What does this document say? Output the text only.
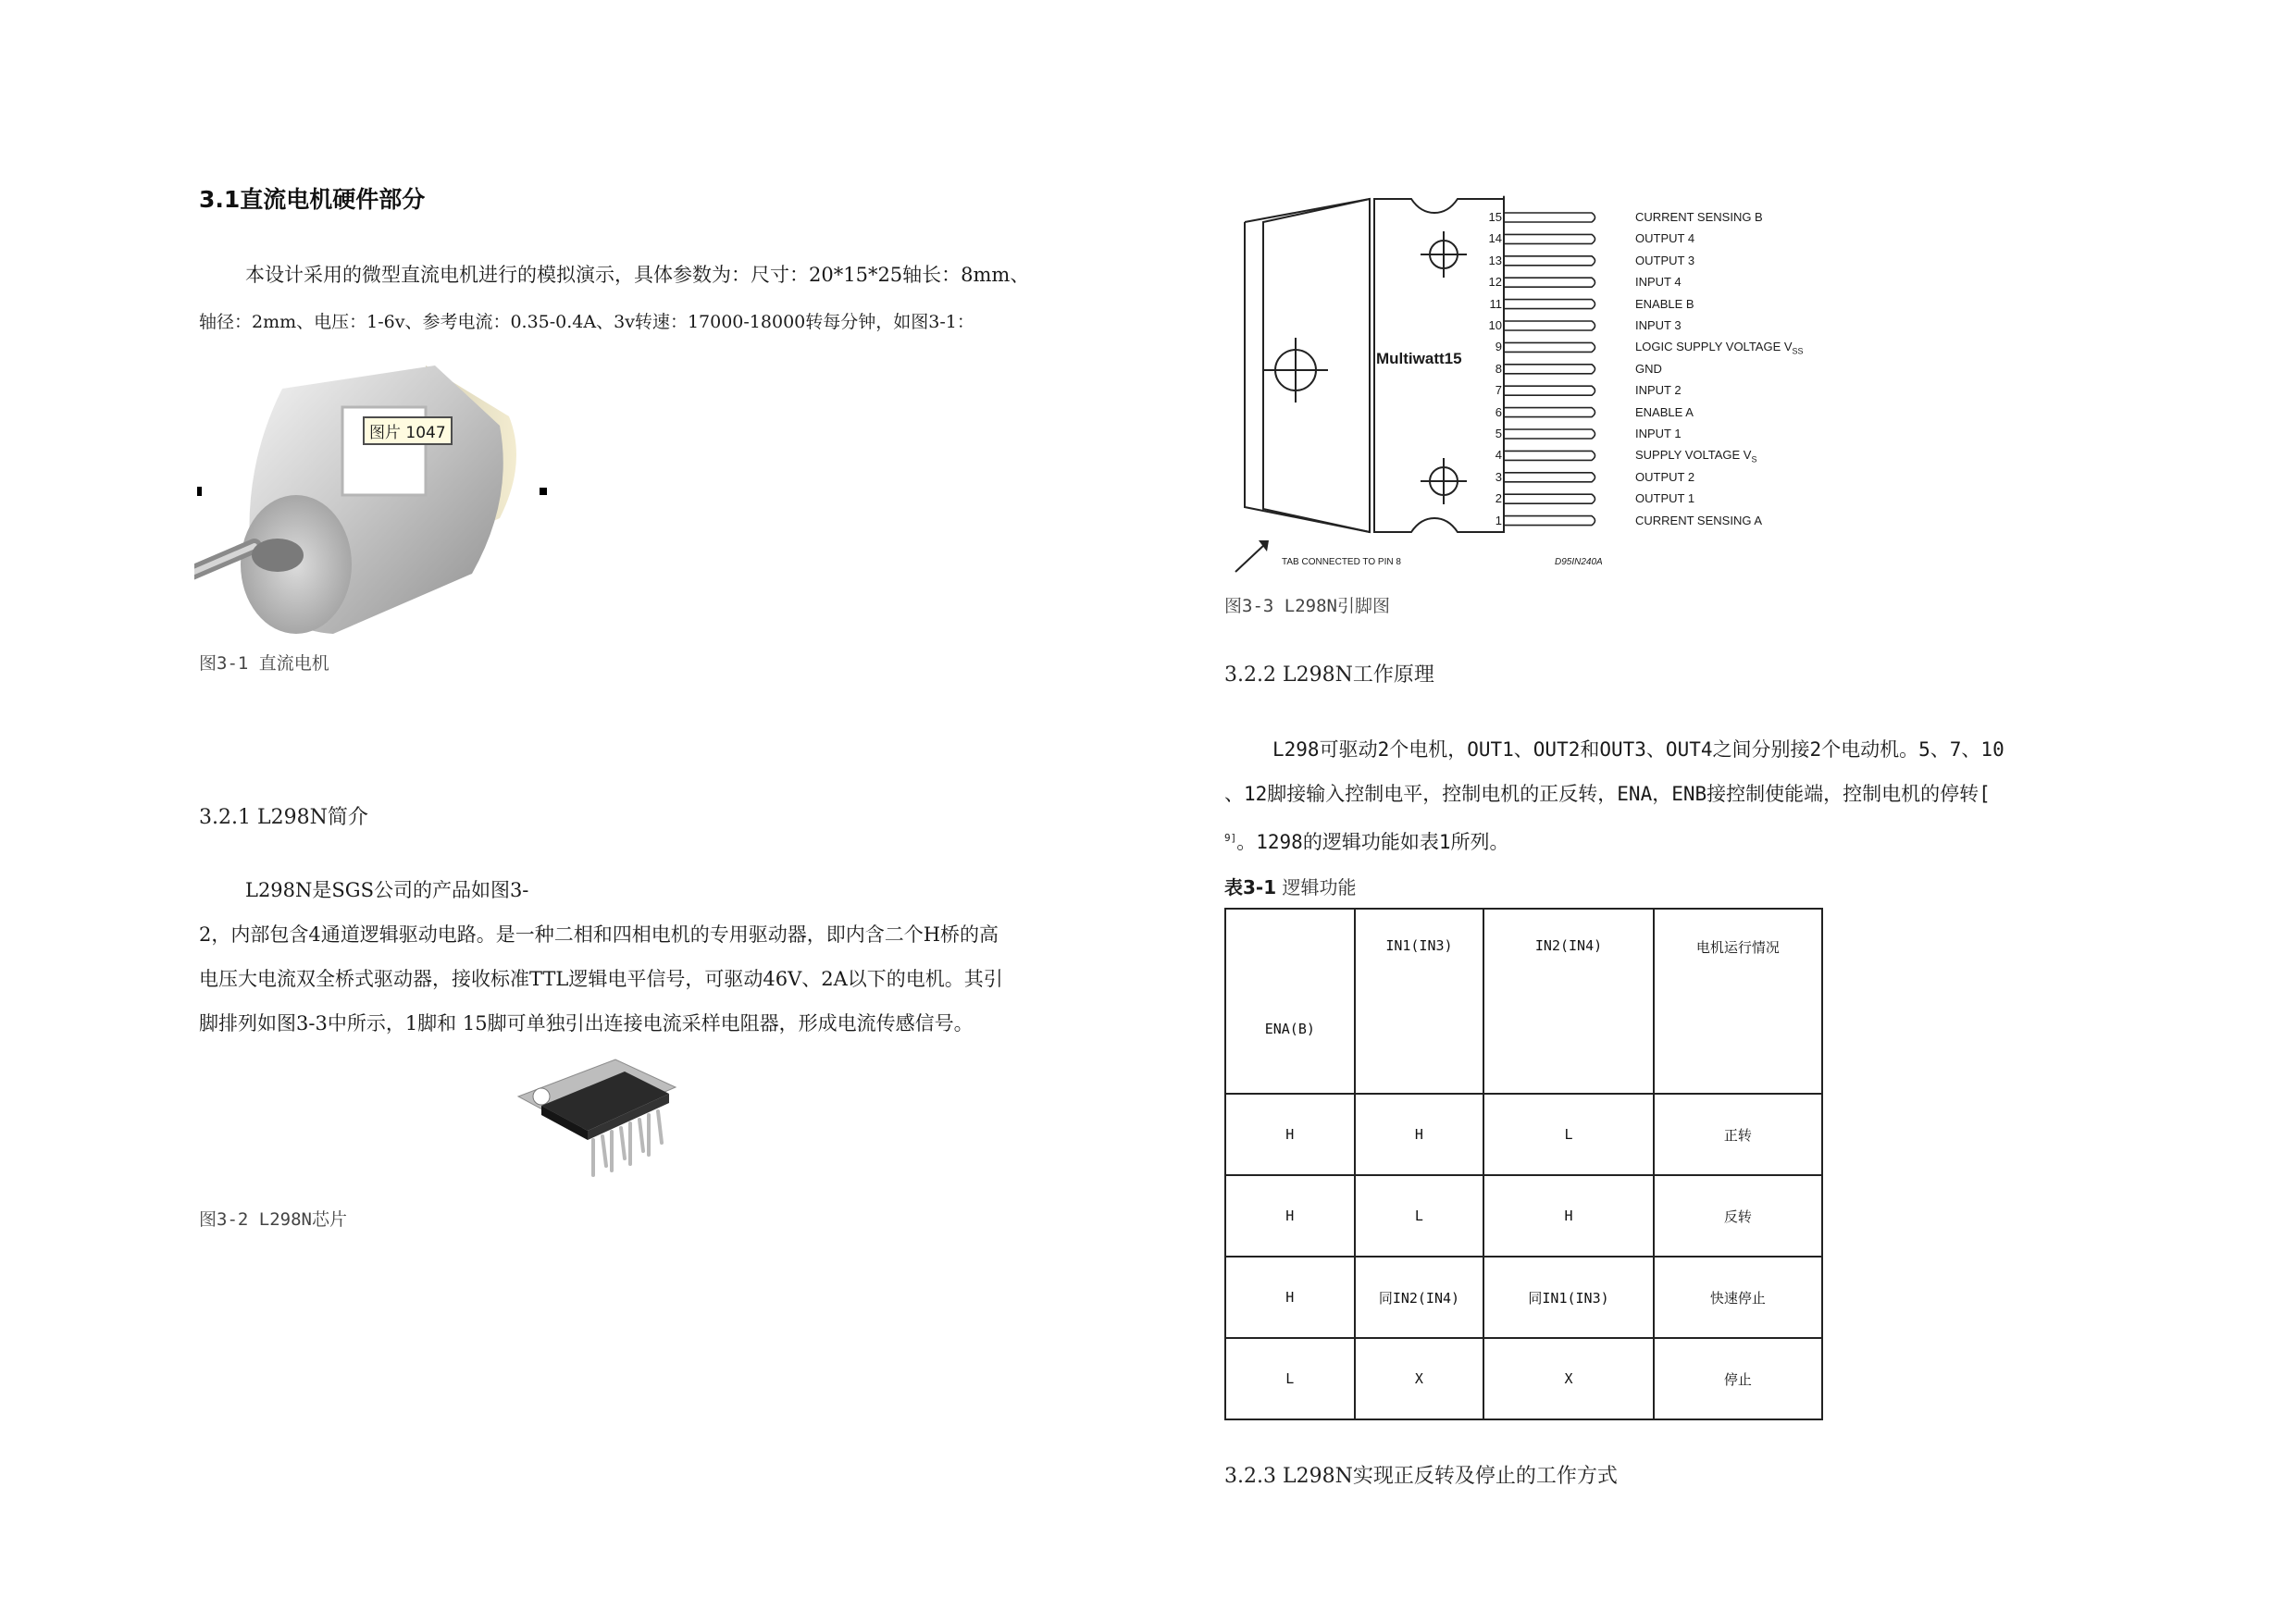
3.1直流电机硬件部分
本设计采用的微型直流电机进行的模拟演示，具体参数为：尺寸：20*15*25轴长：8mm、
轴径：2mm、电压：1-6v、参考电流：0.35-0.4A、3v转速：17000-18000转每分钟，如图3-1：
图片 1047
图3-1 直流电机
3.2.1 L298N简介
L298N是SGS公司的产品如图3-
2，内部包含4通道逻辑驱动电路。是一种二相和四相电机的专用驱动器，即内含二个H桥的高
电压大电流双全桥式驱动器，接收标准TTL逻辑电平信号，可驱动46V、2A以下的电机。其引
脚排列如图3-3中所示，1脚和 15脚可单独引出连接电流采样电阻器，形成电流传感信号。
图3-2 L298N芯片
Multiwatt15
TAB CONNECTED TO PIN 8	D95IN240A
15	CURRENT SENSING B
14	OUTPUT 4
13	OUTPUT 3
12	INPUT 4
11	ENABLE B
10	INPUT 3
9	LOGIC SUPPLY VOLTAGE $V_{SS}$
8	GND
7	INPUT 2
6	ENABLE A
5	INPUT 1
4	SUPPLY VOLTAGE $V_S$
3	OUTPUT 2
2	OUTPUT 1
1	CURRENT SENSING A
图3-3 L298N引脚图
3.2.2 L298N工作原理
L298可驱动2个电机，OUT1、OUT2和OUT3、OUT4之间分别接2个电动机。5、7、10
、12脚接输入控制电平，控制电机的正反转，ENA，ENB接控制使能端，控制电机的停转[
$^{9]}$。1298的逻辑功能如表1所列。
表3-1 逻辑功能
ENA(B)	IN1(IN3)	IN2(IN4)	电机运行情况
H	H	L	正转
H	L	H	反转
H	同IN2(IN4)	同IN1(IN3)	快速停止
L	X	X	停止
3.2.3 L298N实现正反转及停止的工作方式
